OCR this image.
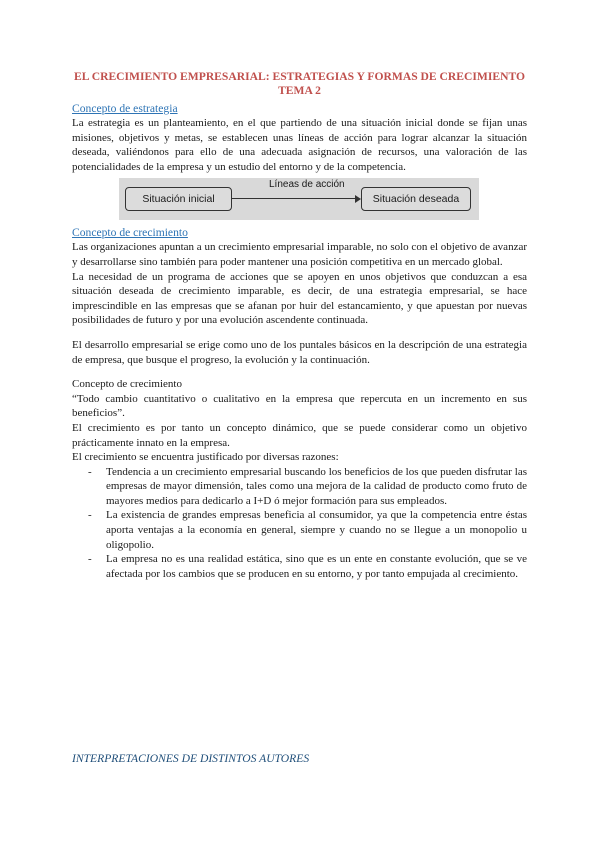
EL CRECIMIENTO EMPRESARIAL: ESTRATEGIAS Y FORMAS DE CRECIMIENTO
TEMA 2
Concepto de estrategia

La estrategia es un planteamiento, en el que partiendo de una situación inicial donde se fijan unas misiones, objetivos y metas, se establecen unas líneas de acción para lograr alcanzar la situación deseada, valiéndonos para ello de una adecuada asignación de recursos, una valoración de las potencialidades de la empresa y un estudio del entorno y de la competencia.

Situación inicial
Líneas de acción
Situación deseada
Concepto de crecimiento

Las organizaciones apuntan a un crecimiento empresarial imparable, no solo con el objetivo de avanzar y desarrollarse sino también para poder mantener una posición competitiva en un mercado global.

La necesidad de un programa de acciones que se apoyen en unos objetivos que conduzcan a esa situación deseada de crecimiento imparable, es decir, de una estrategia empresarial, se hace imprescindible en las empresas que se afanan por huir del estancamiento, y que apuestan por nuevas posibilidades de futuro y por una evolución ascendente continuada.

El desarrollo empresarial se erige como uno de los puntales básicos en la descripción de una estrategia de empresa, que busque el progreso, la evolución y la continuación.

Concepto de crecimiento

“Todo cambio cuantitativo o cualitativo en la empresa que repercuta en un incremento en sus beneficios”.

El crecimiento es por tanto un concepto dinámico, que se puede considerar como un objetivo prácticamente innato en la empresa.

El crecimiento se encuentra justificado por diversas razones:

- Tendencia a un crecimiento empresarial buscando los beneficios de los que pueden disfrutar las empresas de mayor dimensión, tales como una mejora de la calidad de producto como fruto de mayores medios para dedicarlo a I+D ó mejor formación para sus empleados.

- La existencia de grandes empresas beneficia al consumidor, ya que la competencia entre éstas aporta ventajas a la economía en general, siempre y cuando no se llegue a un monopolio u oligopolio.

- La empresa no es una realidad estática, sino que es un ente en constante evolución, que se ve afectada por los cambios que se producen en su entorno, y por tanto empujada al crecimiento.

INTERPRETACIONES DE DISTINTOS AUTORES
